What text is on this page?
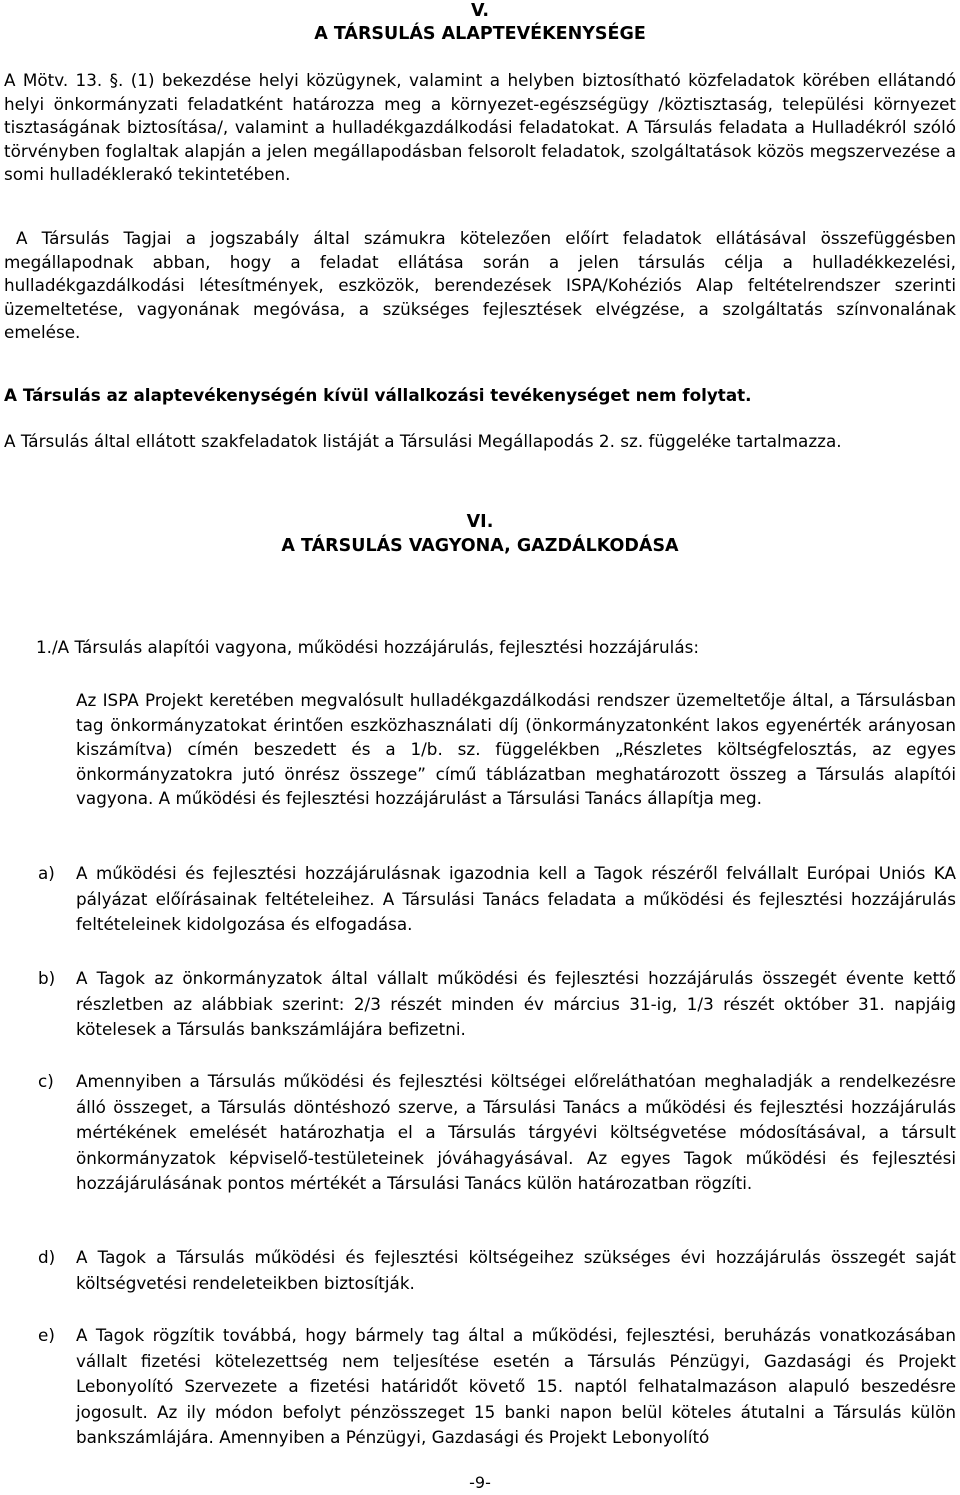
V.
A TÁRSULÁS ALAPTEVÉKENYSÉGE

A Mötv. 13. §. (1) bekezdése helyi közügynek, valamint a helyben biztosítható közfeladatok körében ellátandó helyi önkormányzati feladatként határozza meg a környezet-egészségügy /köztisztaság, települési környezet tisztaságának biztosítása/, valamint a hulladékgazdálkodási feladatokat. A Társulás feladata a Hulladékról szóló törvényben foglaltak alapján a jelen megállapodásban felsorolt feladatok, szolgáltatások közös megszervezése a somi hulladéklerakó tekintetében.

A Társulás Tagjai a jogszabály által számukra kötelezően előírt feladatok ellátásával összefüggésben megállapodnak abban, hogy a feladat ellátása során a jelen társulás célja a hulladékkezelési, hulladékgazdálkodási létesítmények, eszközök, berendezések ISPA/Kohéziós Alap feltételrendszer szerinti üzemeltetése, vagyonának megóvása, a szükséges fejlesztések elvégzése, a szolgáltatás színvonalának emelése.

A Társulás az alaptevékenységén kívül vállalkozási tevékenységet nem folytat.

A Társulás által ellátott szakfeladatok listáját a Társulási Megállapodás 2. sz. függeléke tartalmazza.

VI.
A TÁRSULÁS VAGYONA, GAZDÁLKODÁSA

1./A Társulás alapítói vagyona, működési hozzájárulás, fejlesztési hozzájárulás:

Az ISPA Projekt keretében megvalósult hulladékgazdálkodási rendszer üzemeltetője által, a Társulásban tag önkormányzatokat érintően eszközhasználati díj (önkormányzatonként lakos egyenérték arányosan kiszámítva) címén beszedett és a 1/b. sz. függelékben „Részletes költségfelosztás, az egyes önkormányzatokra jutó önrész összege” című táblázatban meghatározott összeg a Társulás alapítói vagyona. A működési és fejlesztési hozzájárulást a Társulási Tanács állapítja meg.

a) A működési és fejlesztési hozzájárulásnak igazodnia kell a Tagok részéről felvállalt Európai Uniós KA pályázat előírásainak feltételeihez. A Társulási Tanács feladata a működési és fejlesztési hozzájárulás feltételeinek kidolgozása és elfogadása.
b) A Tagok az önkormányzatok által vállalt működési és fejlesztési hozzájárulás összegét évente kettő részletben az alábbiak szerint: 2/3 részét minden év március 31-ig, 1/3 részét október 31. napjáig kötelesek a Társulás bankszámlájára befizetni.
c) Amennyiben a Társulás működési és fejlesztési költségei előreláthatóan meghaladják a rendelkezésre álló összeget, a Társulás döntéshozó szerve, a Társulási Tanács a működési és fejlesztési hozzájárulás mértékének emelését határozhatja el a Társulás tárgyévi költségvetése módosításával, a társult önkormányzatok képviselő-testületeinek jóváhagyásával. Az egyes Tagok működési és fejlesztési hozzájárulásának pontos mértékét a Társulási Tanács külön határozatban rögzíti.
d) A Tagok a Társulás működési és fejlesztési költségeihez szükséges évi hozzájárulás összegét saját költségvetési rendeleteikben biztosítják.
e) A Tagok rögzítik továbbá, hogy bármely tag által a működési, fejlesztési, beruházás vonatkozásában vállalt fizetési kötelezettség nem teljesítése esetén a Társulás Pénzügyi, Gazdasági és Projekt Lebonyolító Szervezete a fizetési határidőt követő 15. naptól felhatalmazáson alapuló beszedésre jogosult. Az ily módon befolyt pénzösszeget 15 banki napon belül köteles átutalni a Társulás külön bankszámlájára. Amennyiben a Pénzügyi, Gazdasági és Projekt Lebonyolító
-9-
